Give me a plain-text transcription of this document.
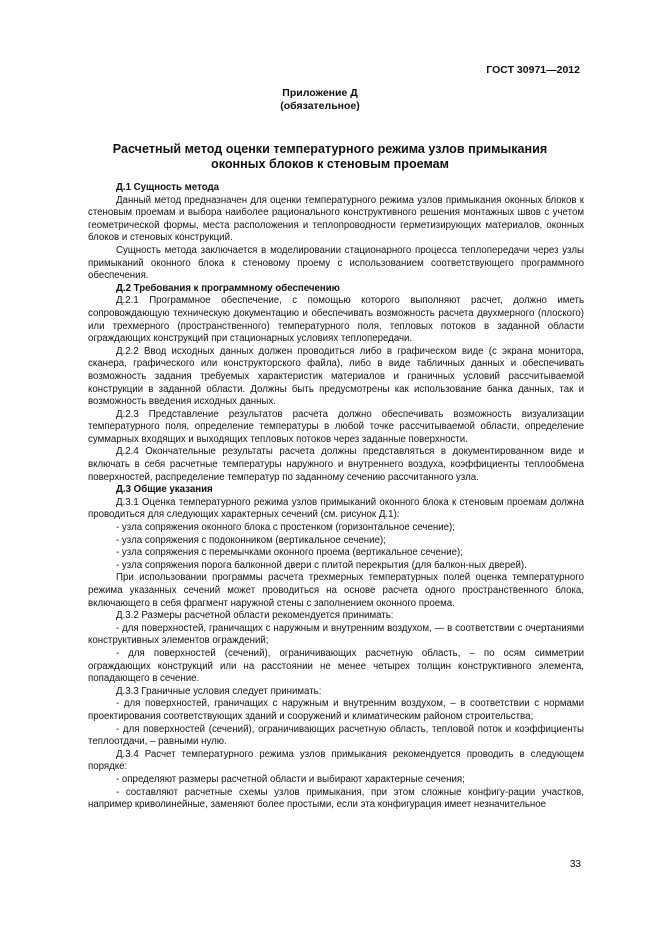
ГОСТ 30971—2012
Приложение Д
(обязательное)
Расчетный метод оценки температурного режима узлов примыкания
оконных блоков к стеновым проемам

Д.1 Сущность метода

Данный метод предназначен для оценки температурного режима узлов примыкания оконных блоков к стеновым проемам и выбора наиболее рационального конструктивного решения монтажных швов с учетом геометрической формы, места расположения и теплопроводности герметизирующих материалов, оконных блоков и стеновых конструкций.

Сущность метода заключается в моделировании стационарного процесса теплопередачи через узлы примыканий оконного блока к стеновому проему с использованием соответствующего программного обеспечения.

Д.2 Требования к программному обеспечению

Д.2.1 Программное обеспечение, с помощью которого выполняют расчет, должно иметь сопровождающую техническую документацию и обеспечивать возможность расчета двухмерного (плоского) или трехмерного (пространственного) температурного поля, тепловых потоков в заданной области ограждающих конструкций при стационарных условиях теплопередачи.

Д.2.2 Ввод исходных данных должен проводиться либо в графическом виде (с экрана монитора, сканера, графического или конструкторского файла), либо в виде табличных данных и обеспечивать возможность задания требуемых характеристик материалов и граничных условий рассчитываемой конструкции в заданной области. Должны быть предусмотрены как использование банка данных, так и возможность введения исходных данных.

Д.2.3 Представление результатов расчета должно обеспечивать возможность визуализации температурного поля, определение температуры в любой точке рассчитываемой области, определение суммарных входящих и выходящих тепловых потоков через заданные поверхности.

Д.2.4 Окончательные результаты расчета должны представляться в документированном виде и включать в себя расчетные температуры наружного и внутреннего воздуха, коэффициенты теплообмена поверхностей, распределение температур по заданному сечению рассчитанного узла.

Д.3 Общие указания

Д.3.1 Оценка температурного режима узлов примыканий оконного блока к стеновым проемам должна проводиться для следующих характерных сечений (см. рисунок Д.1):

- узла сопряжения оконного блока с простенком (горизонтальное сечение);

- узла сопряжения с подоконником (вертикальное сечение);

- узла сопряжения с перемычками оконного проема (вертикальное сечение);

- узла сопряжения порога балконной двери с плитой перекрытия (для балкон-ных дверей).

При использовании программы расчета трехмерных температурных полей оценка температурного режима указанных сечений может проводиться на основе расчета одного пространственного блока, включающего в себя фрагмент наружной стены с заполнением оконного проема.

Д.3.2 Размеры расчетной области рекомендуется принимать:

- для поверхностей, граничащих с наружным и внутренним воздухом, — в соответствии с очертаниями конструктивных элементов ограждений;

- для поверхностей (сечений), ограничивающих расчетную область, – по осям симметрии ограждающих конструкций или на расстоянии не менее четырех толщин конструктивного элемента, попадающего в сечение.

Д.3.3 Граничные условия следует принимать:

- для поверхностей, граничащих с наружным и внутренним воздухом, – в соответствии с нормами проектирования соответствующих зданий и сооружений и климатическим районом строительства;

- для поверхностей (сечений), ограничивающих расчетную область, тепловой поток и коэффициенты теплоотдачи, – равными нулю.

Д.3.4 Расчет температурного режима узлов примыкания рекомендуется проводить в следующем порядке:

- определяют размеры расчетной области и выбирают характерные сечения;

- составляют расчетные схемы узлов примыкания, при этом сложные конфигу-рации участков, например криволинейные, заменяют более простыми, если эта конфигурация имеет незначительное

33
